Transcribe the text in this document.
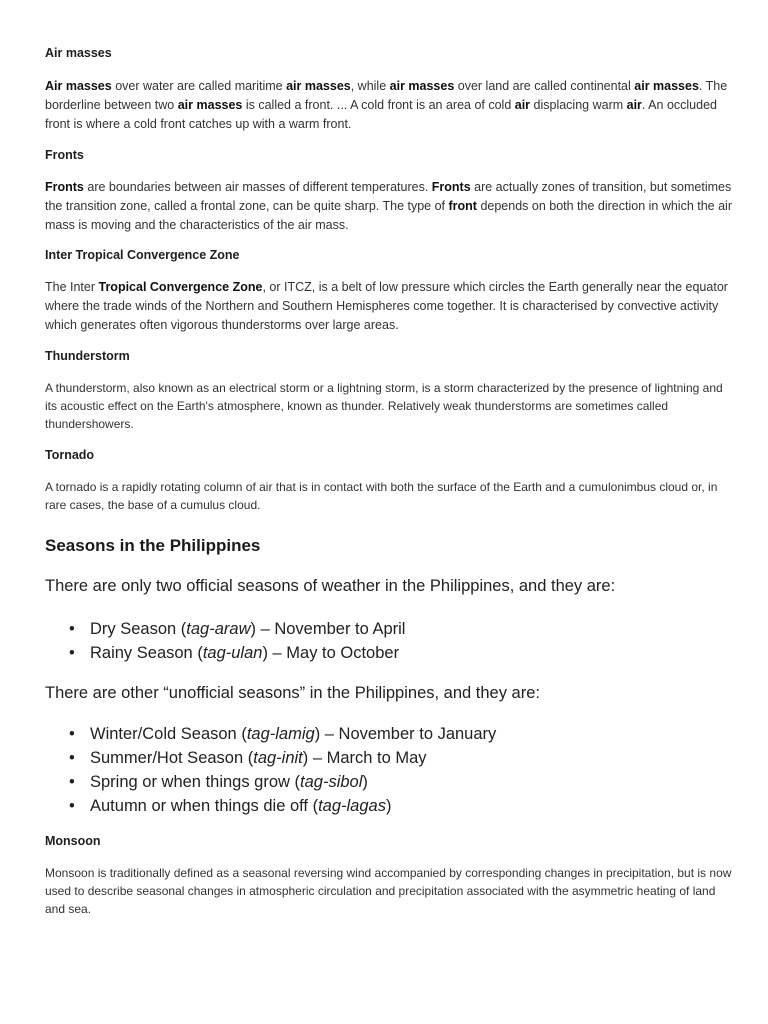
Air masses

Air masses over water are called maritime air masses, while air masses over land are called continental air masses. The borderline between two air masses is called a front. ... A cold front is an area of cold air displacing warm air. An occluded front is where a cold front catches up with a warm front.

Fronts

Fronts are boundaries between air masses of different temperatures. Fronts are actually zones of transition, but sometimes the transition zone, called a frontal zone, can be quite sharp. The type of front depends on both the direction in which the air mass is moving and the characteristics of the air mass.

Inter Tropical Convergence Zone

The Inter Tropical Convergence Zone, or ITCZ, is a belt of low pressure which circles the Earth generally near the equator where the trade winds of the Northern and Southern Hemispheres come together. It is characterised by convective activity which generates often vigorous thunderstorms over large areas.

Thunderstorm

A thunderstorm, also known as an electrical storm or a lightning storm, is a storm characterized by the presence of lightning and its acoustic effect on the Earth's atmosphere, known as thunder. Relatively weak thunderstorms are sometimes called thundershowers.

Tornado

A tornado is a rapidly rotating column of air that is in contact with both the surface of the Earth and a cumulonimbus cloud or, in rare cases, the base of a cumulus cloud.

Seasons in the Philippines
There are only two official seasons of weather in the Philippines, and they are:
• Dry Season (tag-araw) – November to April
• Rainy Season (tag-ulan) – May to October
There are other “unofficial seasons” in the Philippines, and they are:
• Winter/Cold Season (tag-lamig) – November to January
• Summer/Hot Season (tag-init) – March to May
• Spring or when things grow (tag-sibol)
• Autumn or when things die off (tag-lagas)
Monsoon

Monsoon is traditionally defined as a seasonal reversing wind accompanied by corresponding changes in precipitation, but is now used to describe seasonal changes in atmospheric circulation and precipitation associated with the asymmetric heating of land and sea.
